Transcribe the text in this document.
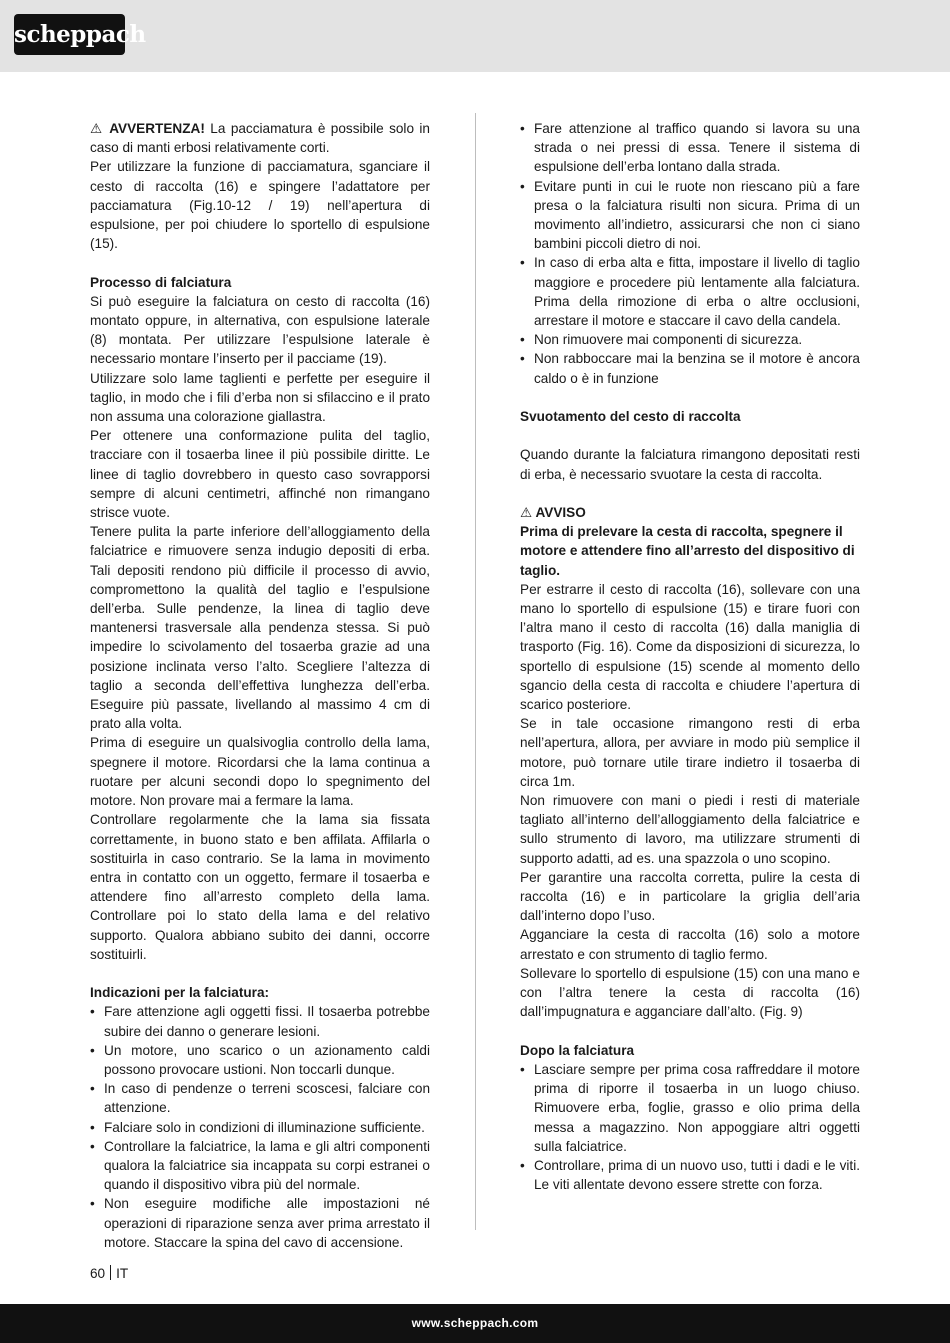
scheppach

⚠ AVVERTENZA! La pacciamatura è possibile solo in caso di manti erbosi relativamente corti.

Per utilizzare la funzione di pacciamatura, sganciare il cesto di raccolta (16) e spingere l’adattatore per pacciamatura (Fig.10-12 / 19) nell’apertura di espulsione, per poi chiudere lo sportello di espulsione (15).

Processo di falciatura

Si può eseguire la falciatura on cesto di raccolta (16) montato oppure, in alternativa, con espulsione laterale (8) montata. Per utilizzare l’espulsione laterale è necessario montare l’inserto per il pacciame (19).

Utilizzare solo lame taglienti e perfette per eseguire il taglio, in modo che i fili d’erba non si sfilaccino e il prato non assuma una colorazione giallastra.

Per ottenere una conformazione pulita del taglio, tracciare con il tosaerba linee il più possibile diritte. Le linee di taglio dovrebbero in questo caso sovrapporsi sempre di alcuni centimetri, affinché non rimangano strisce vuote.

Tenere pulita la parte inferiore dell’alloggiamento della falciatrice e rimuovere senza indugio depositi di erba. Tali depositi rendono più difficile il processo di avvio, compromettono la qualità del taglio e l’espulsione dell’erba. Sulle pendenze, la linea di taglio deve mantenersi trasversale alla pendenza stessa. Si può impedire lo scivolamento del tosaerba grazie ad una posizione inclinata verso l’alto. Scegliere l’altezza di taglio a seconda dell’effettiva lunghezza dell’erba. Eseguire più passate, livellando al massimo 4 cm di prato alla volta.

Prima di eseguire un qualsivoglia controllo della lama, spegnere il motore. Ricordarsi che la lama continua a ruotare per alcuni secondi dopo lo spegnimento del motore. Non provare mai a fermare la lama.

Controllare regolarmente che la lama sia fissata correttamente, in buono stato e ben affilata. Affilarla o sostituirla in caso contrario. Se la lama in movimento entra in contatto con un oggetto, fermare il tosaerba e attendere fino all’arresto completo della lama. Controllare poi lo stato della lama e del relativo supporto. Qualora abbiano subito dei danni, occorre sostituirli.

Indicazioni per la falciatura:

• Fare attenzione agli oggetti fissi. Il tosaerba potrebbe subire dei danno o generare lesioni.
• Un motore, uno scarico o un azionamento caldi possono provocare ustioni. Non toccarli dunque.
• In caso di pendenze o terreni scoscesi, falciare con attenzione.
• Falciare solo in condizioni di illuminazione sufficiente.
• Controllare la falciatrice, la lama e gli altri componenti qualora la falciatrice sia incappata su corpi estranei o quando il dispositivo vibra più del normale.
• Non eseguire modifiche alle impostazioni né operazioni di riparazione senza aver prima arrestato il motore. Staccare la spina del cavo di accensione.
• Fare attenzione al traffico quando si lavora su una strada o nei pressi di essa. Tenere il sistema di espulsione dell’erba lontano dalla strada.
• Evitare punti in cui le ruote non riescano più a fare presa o la falciatura risulti non sicura. Prima di un movimento all’indietro, assicurarsi che non ci siano bambini piccoli dietro di noi.
• In caso di erba alta e fitta, impostare il livello di taglio maggiore e procedere più lentamente alla falciatura. Prima della rimozione di erba o altre occlusioni, arrestare il motore e staccare il cavo della candela.
• Non rimuovere mai componenti di sicurezza.
• Non rabboccare mai la benzina se il motore è ancora caldo o è in funzione

Svuotamento del cesto di raccolta

Quando durante la falciatura rimangono depositati resti di erba, è necessario svuotare la cesta di raccolta.

⚠ AVVISO

Prima di prelevare la cesta di raccolta, spegnere il motore e attendere fino all’arresto del dispositivo di taglio.

Per estrarre il cesto di raccolta (16), sollevare con una mano lo sportello di espulsione (15) e tirare fuori con l’altra mano il cesto di raccolta (16) dalla maniglia di trasporto (Fig. 16). Come da disposizioni di sicurezza, lo sportello di espulsione (15) scende al momento dello sgancio della cesta di raccolta e chiudere l’apertura di scarico posteriore.

Se in tale occasione rimangono resti di erba nell’apertura, allora, per avviare in modo più semplice il motore, può tornare utile tirare indietro il tosaerba di circa 1m.

Non rimuovere con mani o piedi i resti di materiale tagliato all’interno dell’alloggiamento della falciatrice e sullo strumento di lavoro, ma utilizzare strumenti di supporto adatti, ad es. una spazzola o uno scopino.

Per garantire una raccolta corretta, pulire la cesta di raccolta (16) e in particolare la griglia dell’aria dall’interno dopo l’uso.

Agganciare la cesta di raccolta (16) solo a motore arrestato e con strumento di taglio fermo.

Sollevare lo sportello di espulsione (15) con una mano e con l’altra tenere la cesta di raccolta (16) dall’impugnatura e agganciare dall’alto. (Fig. 9)

Dopo la falciatura

• Lasciare sempre per prima cosa raffreddare il motore prima di riporre il tosaerba in un luogo chiuso. Rimuovere erba, foglie, grasso e olio prima della messa a magazzino. Non appoggiare altri oggetti sulla falciatrice.
• Controllare, prima di un nuovo uso, tutti i dadi e le viti. Le viti allentate devono essere strette con forza.
60 IT
www.scheppach.com
